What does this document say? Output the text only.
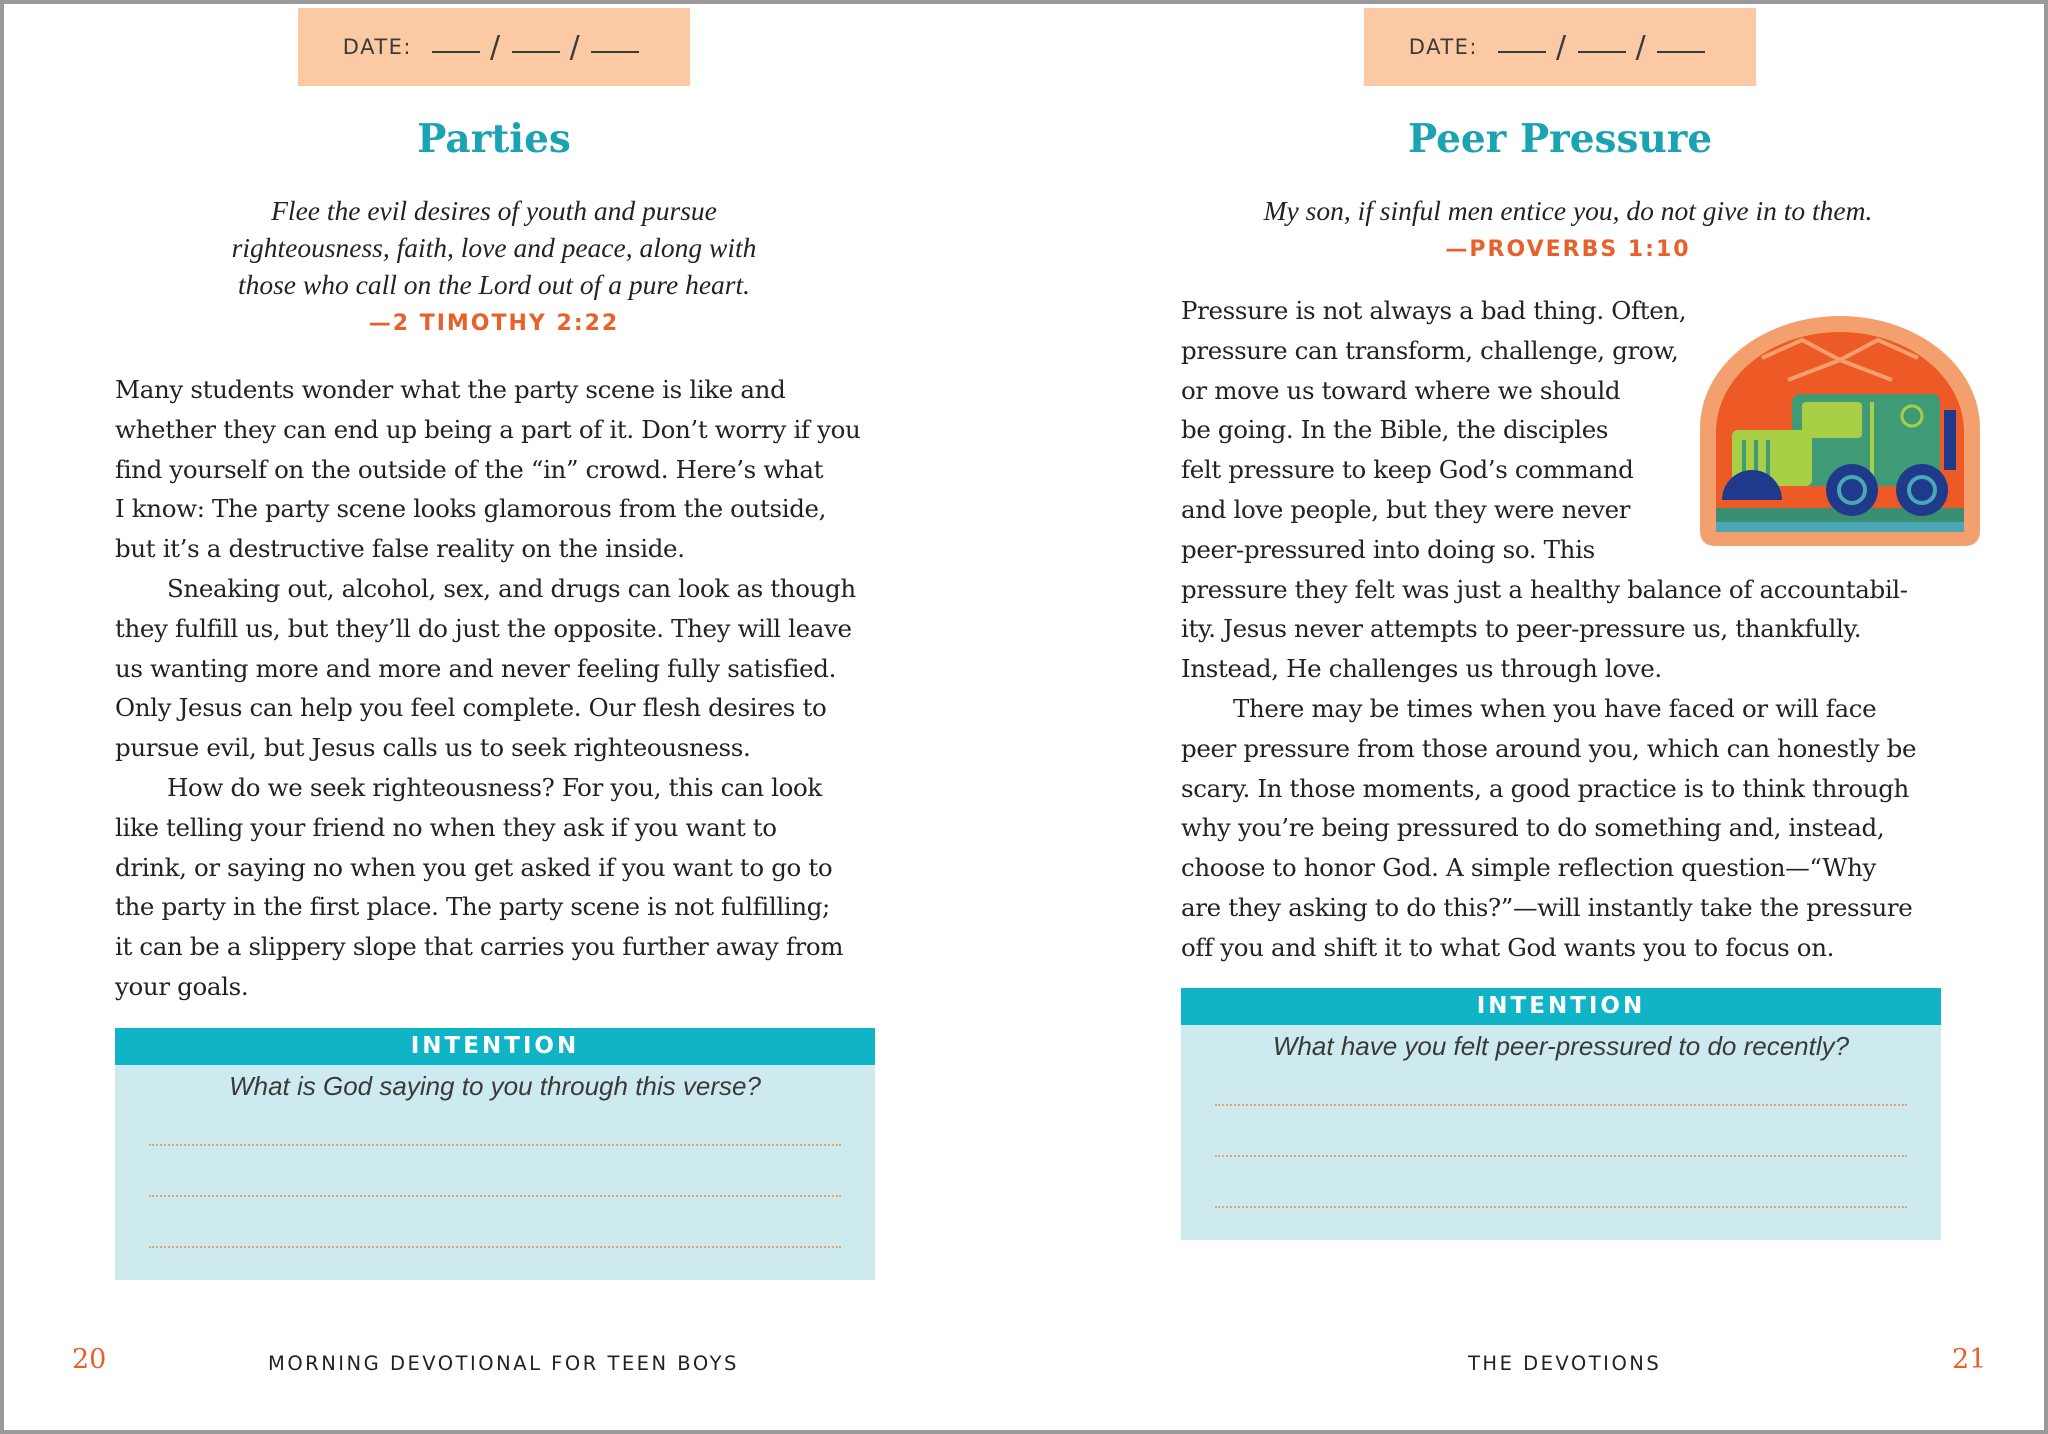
DATE:	/ /
Parties
Flee the evil desires of youth and pursue
righteousness, faith, love and peace, along with
those who call on the Lord out of a pure heart.
—2 TIMOTHY 2:22

Many students wonder what the party scene is like and

whether they can end up being a part of it. Don’t worry if you

find yourself on the outside of the “in” crowd. Here’s what

I know: The party scene looks glamorous from the outside,

but it’s a destructive false reality on the inside.

Sneaking out, alcohol, sex, and drugs can look as though

they fulfill us, but they’ll do just the opposite. They will leave

us wanting more and more and never feeling fully satisfied.

Only Jesus can help you feel complete. Our flesh desires to

pursue evil, but Jesus calls us to seek righteousness.

How do we seek righteousness? For you, this can look

like telling your friend no when they ask if you want to

drink, or saying no when you get asked if you want to go to

the party in the first place. The party scene is not fulfilling;

it can be a slippery slope that carries you further away from

your goals.

INTENTION
What is God saying to you through this verse?
20	MORNING DEVOTIONAL FOR TEEN BOYS
DATE:	/ /
Peer Pressure
My son, if sinful men entice you, do not give in to them.
—PROVERBS 1:10

Pressure is not always a bad thing. Often,

pressure can transform, challenge, grow,

or move us toward where we should

be going. In the Bible, the disciples

felt pressure to keep God’s command

and love people, but they were never

peer-pressured into doing so. This

pressure they felt was just a healthy balance of accountabil-

ity. Jesus never attempts to peer-pressure us, thankfully.

Instead, He challenges us through love.

There may be times when you have faced or will face

peer pressure from those around you, which can honestly be

scary. In those moments, a good practice is to think through

why you’re being pressured to do something and, instead,

choose to honor God. A simple reflection question—“Why

are they asking to do this?”—will instantly take the pressure

off you and shift it to what God wants you to focus on.

INTENTION
What have you felt peer-pressured to do recently?
21
THE DEVOTIONS
